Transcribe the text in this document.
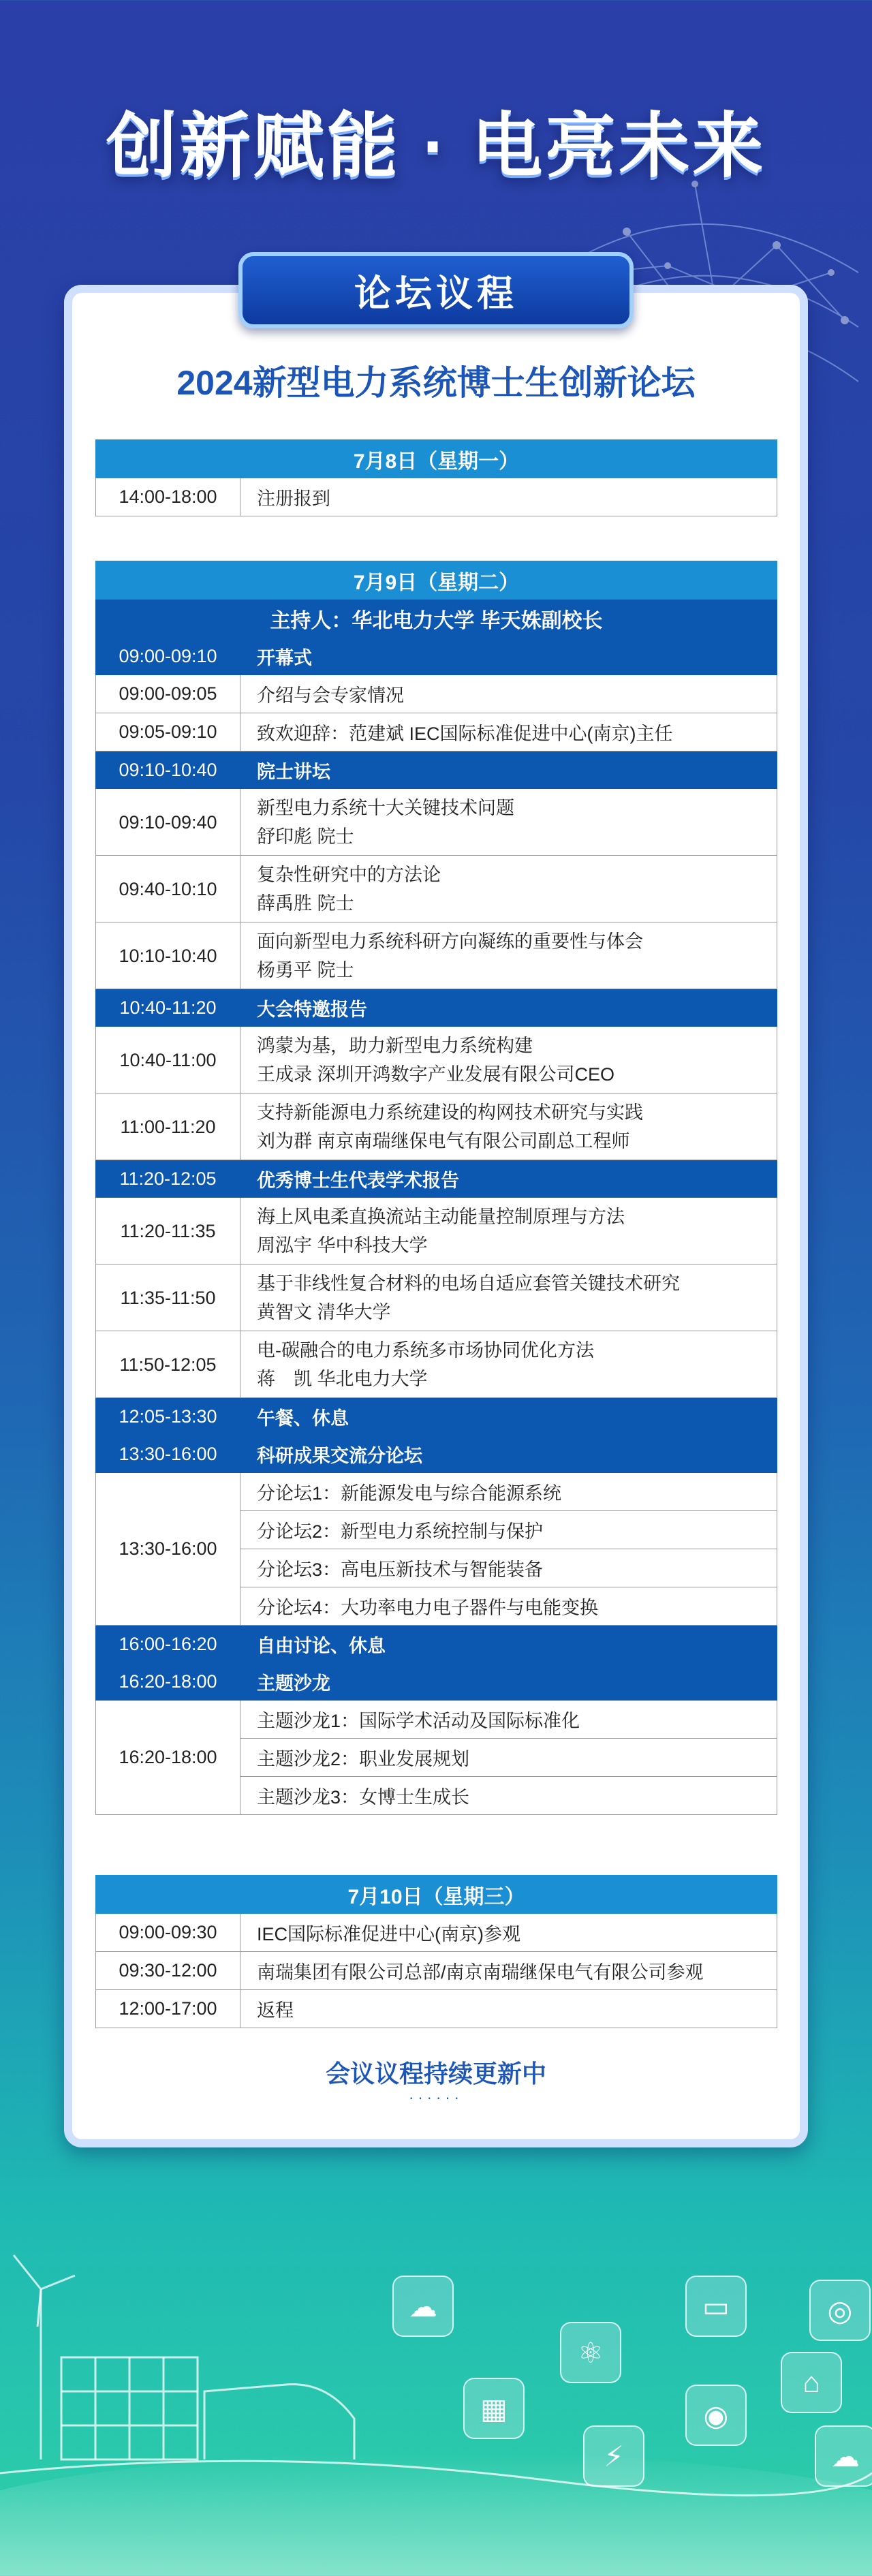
创新赋能 · 电亮未来
论坛议程
2024新型电力系统博士生创新论坛
7月8日（星期一）
14:00-18:00	注册报到
7月9日（星期二）	
主持人：华北电力大学 毕天姝副校长	
09:00-09:10	开幕式
09:00-09:05	介绍与会专家情况
09:05-09:10	致欢迎辞：范建斌 IEC国际标准促进中心(南京)主任
09:10-10:40	院士讲坛
09:10-09:40	新型电力系统十大关键技术问题
舒印彪 院士

09:40-10:10	复杂性研究中的方法论
薛禹胜 院士

10:10-10:40	面向新型电力系统科研方向凝练的重要性与体会
杨勇平 院士

10:40-11:20	大会特邀报告
10:40-11:00	鸿蒙为基，助力新型电力系统构建
王成录 深圳开鸿数字产业发展有限公司CEO

11:00-11:20	支持新能源电力系统建设的构网技术研究与实践
刘为群 南京南瑞继保电气有限公司副总工程师

11:20-12:05	优秀博士生代表学术报告
11:20-11:35	海上风电柔直换流站主动能量控制原理与方法
周泓宇 华中科技大学

11:35-11:50	基于非线性复合材料的电场自适应套管关键技术研究
黄智文 清华大学

11:50-12:05	电-碳融合的电力系统多市场协同优化方法
蒋　凯 华北电力大学

12:05-13:30	午餐、休息
13:30-16:00	科研成果交流分论坛
13:30-16:00	分论坛1：新能源发电与综合能源系统
	分论坛2：新型电力系统控制与保护
	分论坛3：高电压新技术与智能装备
	分论坛4：大功率电力电子器件与电能变换
16:00-16:20	自由讨论、休息
16:20-18:00	主题沙龙
16:20-18:00	主题沙龙1：国际学术活动及国际标准化
	主题沙龙2：职业发展规划
	主题沙龙3：女博士生成长
7月10日（星期三）	
09:00-09:30	IEC国际标准促进中心(南京)参观
09:30-12:00	南瑞集团有限公司总部/南京南瑞继保电气有限公司参观
12:00-17:00	返程
会议议程持续更新中
······
☁
⚛
▦
▭	◎
⌂
◉
⚡	☁
